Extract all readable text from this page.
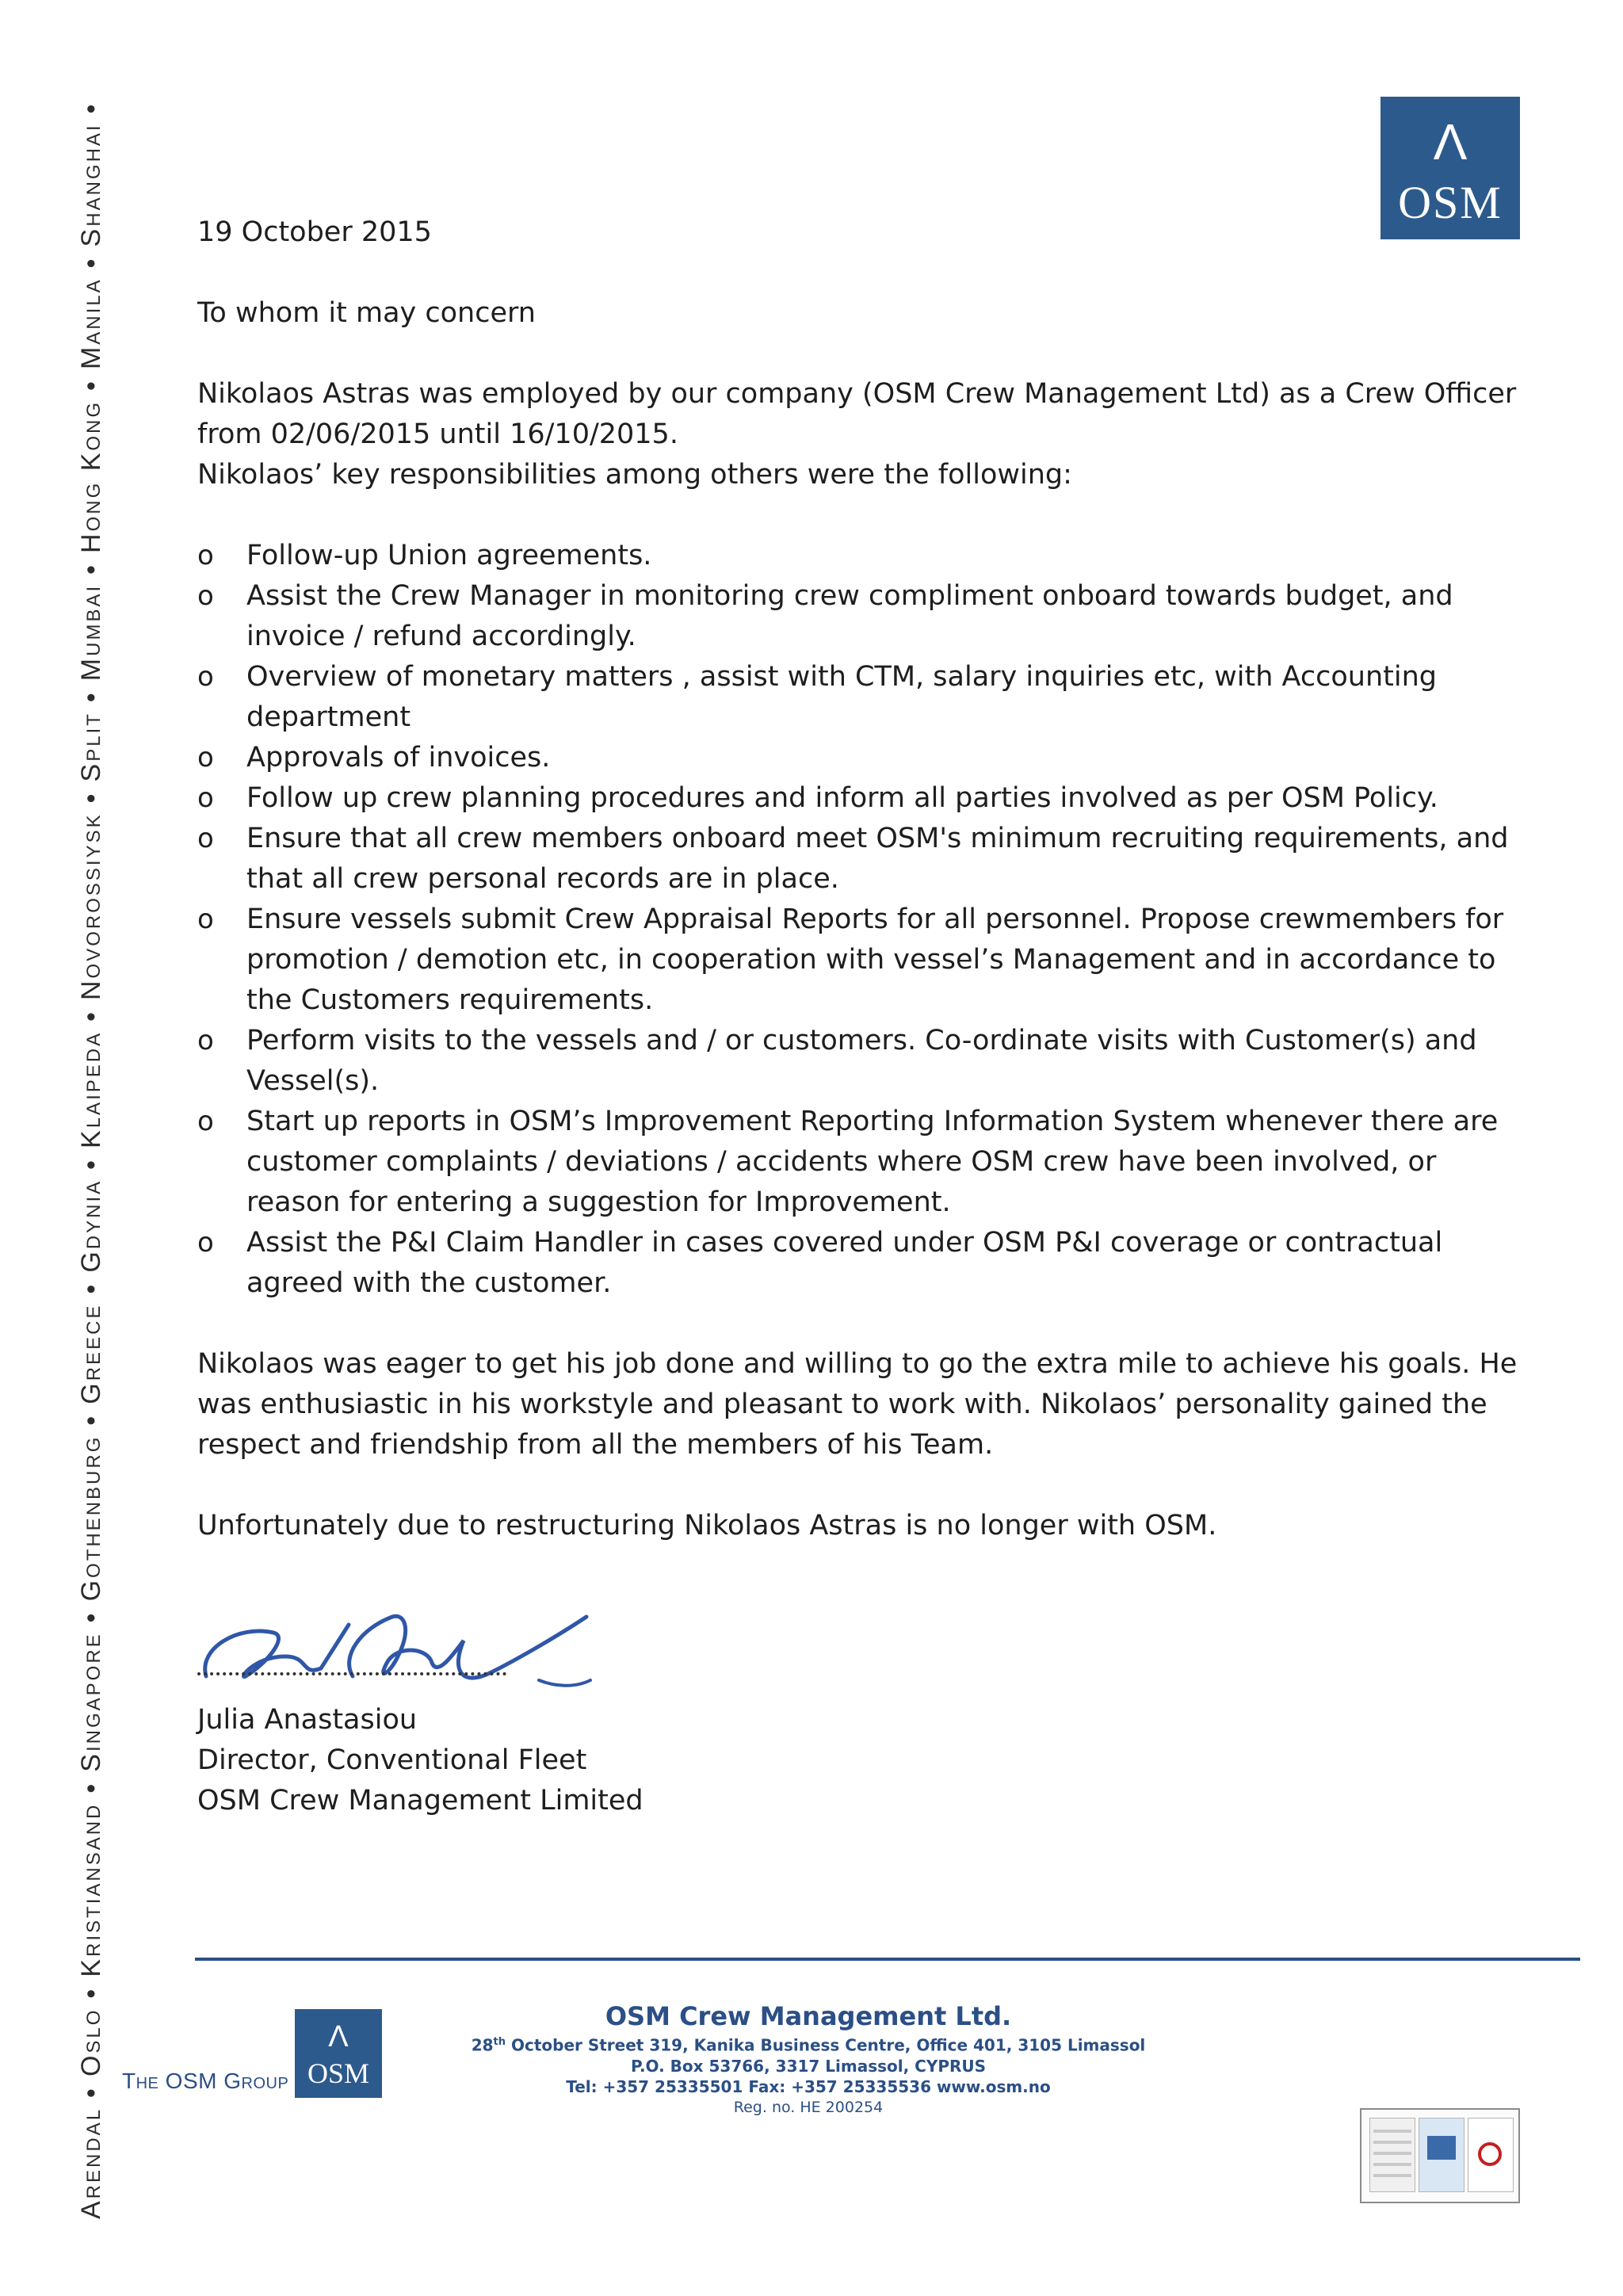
Arendal•Oslo•Kristiansand•Singapore•Gothenburg•Greece•Gdynia•Klaipeda•Novorossiysk•Split•Mumbai•Hong Kong•Manila•Shanghai•
Λ
OSM

19 October 2015

To whom it may concern

Nikolaos Astras was employed by our company (OSM Crew Management Ltd) as a Crew Officer from 02/06/2015 until 16/10/2015.

Nikolaos’ key responsibilities among others were the following:

o	Follow-up Union agreements.
o	Assist the Crew Manager in monitoring crew compliment onboard towards budget, and invoice / refund accordingly.
o	Overview of monetary matters , assist with CTM, salary inquiries etc, with Accounting department
o	Approvals of invoices.
o	Follow up crew planning procedures and inform all parties involved as per OSM Policy.
o	Ensure that all crew members onboard meet OSM's minimum recruiting requirements, and that all crew personal records are in place.
o	Ensure vessels submit Crew Appraisal Reports for all personnel. Propose crewmembers for promotion / demotion etc, in cooperation with vessel’s Management and in accordance to the Customers requirements.
o	Perform visits to the vessels and / or customers. Co-ordinate visits with Customer(s) and Vessel(s).
o	Start up reports in OSM’s Improvement Reporting Information System whenever there are customer complaints / deviations / accidents where OSM crew have been involved, or reason for entering a suggestion for Improvement.
o	Assist the P&I Claim Handler in cases covered under OSM P&I coverage or contractual agreed with the customer.

Nikolaos was eager to get his job done and willing to go the extra mile to achieve his goals. He was enthusiastic in his workstyle and pleasant to work with. Nikolaos’ personality gained the respect and friendship from all the members of his Team.

Unfortunately due to restructuring Nikolaos Astras is no longer with OSM.

Julia Anastasiou
Director, Conventional Fleet
OSM Crew Management Limited
The OSM Group
Λ
OSM
OSM Crew Management Ltd.
28th October Street 319, Kanika Business Centre, Office 401, 3105 Limassol
P.O. Box 53766, 3317 Limassol, CYPRUS
Tel: +357 25335501 Fax: +357 25335536 www.osm.no
Reg. no. HE 200254
